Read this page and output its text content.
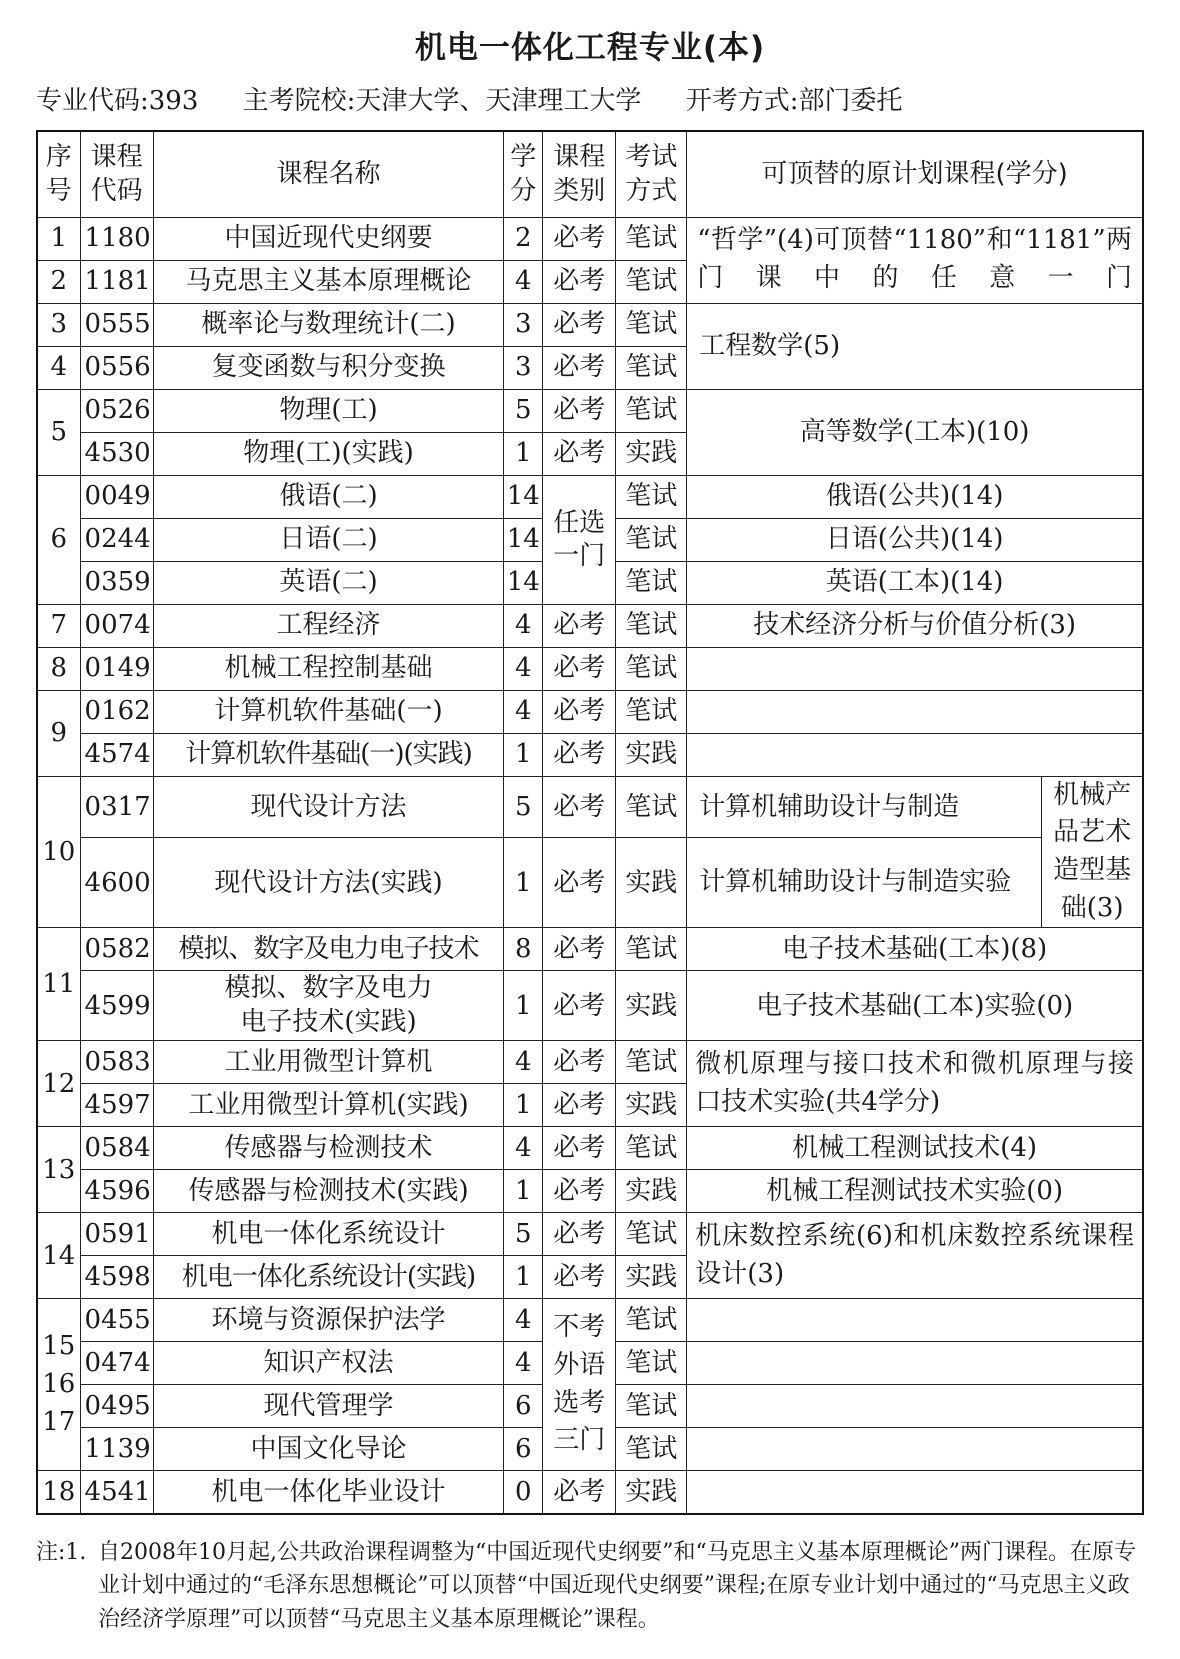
机电一体化工程专业(本)
专业代码:393 主考院校:天津大学、天津理工大学 开考方式:部门委托
序号	课程代码	课程名称	学分	课程类别	考试方式	可顶替的原计划课程(学分)	
1	1180	中国近现代史纲要	2	必考	笔试	“哲学”(4)可顶替“1180”和“1181”两门课中的任意一门	
2	1181	马克思主义基本原理概论	4	必考	笔试		
3	0555	概率论与数理统计(二)	3	必考	笔试	工程数学(5)	
4	0556	复变函数与积分变换	3	必考	笔试		
5	0526	物理(工)	5	必考	笔试	高等数学(工本)(10)	
	4530	物理(工)(实践)	1	必考	实践		
6	0049	俄语(二)	14	任选一门	笔试	俄语(公共)(14)	
	0244	日语(二)	14		笔试	日语(公共)(14)	
	0359	英语(二)	14		笔试	英语(工本)(14)	
7	0074	工程经济	4	必考	笔试	技术经济分析与价值分析(3)	
8	0149	机械工程控制基础	4	必考	笔试		
9	0162	计算机软件基础(一)	4	必考	笔试		
	4574	计算机软件基础(一)(实践)	1	必考	实践		
10	0317	现代设计方法	5	必考	笔试	计算机辅助设计与制造	机械产品艺术造型基础(3)
	4600	现代设计方法(实践)	1	必考	实践	计算机辅助设计与制造实验	
11	0582	模拟、数字及电力电子技术	8	必考	笔试	电子技术基础(工本)(8)	
	4599	模拟、数字及电力
电子技术(实践)	1	必考	实践	电子技术基础(工本)实验(0)	
12	0583	工业用微型计算机	4	必考	笔试	微机原理与接口技术和微机原理与接口技术实验(共4学分)	
	4597	工业用微型计算机(实践)	1	必考	实践		
13	0584	传感器与检测技术	4	必考	笔试	机械工程测试技术(4)	
	4596	传感器与检测技术(实践)	1	必考	实践	机械工程测试技术实验(0)	
14	0591	机电一体化系统设计	5	必考	笔试	机床数控系统(6)和机床数控系统课程设计(3)	
	4598	机电一体化系统设计(实践)	1	必考	实践		
15 16 17	0455	环境与资源保护法学	4	不考外语选考三门	笔试		
	0474	知识产权法	4		笔试		
	0495	现代管理学	6		笔试		
	1139	中国文化导论	6		笔试		
18	4541	机电一体化毕业设计	0	必考	实践		
注:1. 自2008年10月起,公共政治课程调整为“中国近现代史纲要”和“马克思主义基本原理概论”两门课程。在原专业计划中通过的“毛泽东思想概论”可以顶替“中国近现代史纲要”课程;在原专业计划中通过的“马克思主义政治经济学原理”可以顶替“马克思主义基本原理概论”课程。
